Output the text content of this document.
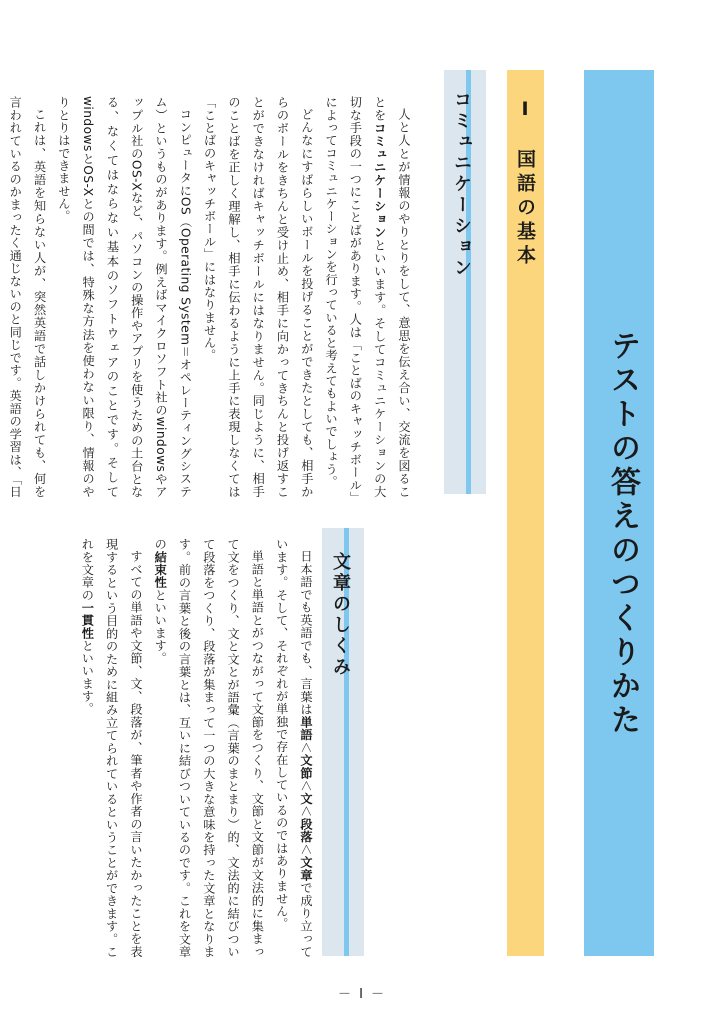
テストの答えのつくりかた
Ⅰ　国語の基本
コミュニケーション
文章のしくみ
人と人とが情報のやりとりをして、意思を伝え合い、交流を図ることをコミュニケーションといいます。そしてコミュニケーションの大切な手段の一つにことばがあります。人は「ことばのキャッチボール」によってコミュニケーションを行っていると考えてもよいでしょう。
どんなにすばらしいボールを投げることができたとしても、相手からのボールをきちんと受け止め、相手に向かってきちんと投げ返すことができなければキャッチボールにはなりません。同じように、相手のことばを正しく理解し、相手に伝わるように上手に表現しなくては「ことばのキャッチボール」にはなりません。
コンピュータにOS（Operating System＝オペレーティングシステム）というものがあります。例えばマイクロソフト社のwindowsやアップル社のOS-Xなど、パソコンの操作やアプリを使うための土台となる、なくてはならない基本のソフトウェアのことです。そしてwindowsとOS-Xとの間では、特殊な方法を使わない限り、情報のやりとりはできません。
これは、英語を知らない人が、突然英語で話しかけられても、何を言われているのかまったく通じないのと同じです。英語の学習は、「日
日本語でも英語でも、言葉は単語＜文節＜文＜段落＜文章で成り立っています。そして、それぞれが単独で存在しているのではありません。
単語と単語とがつながって文節をつくり、文節と文節が文法的に集まって文をつくり、文と文とが語彙（言葉のまとまり）的、文法的に結びついて段落をつくり、段落が集まって一つの大きな意味を持った文章となります。前の言葉と後の言葉とは、互いに結びついているのです。これを文章の結束性といいます。
すべての単語や文節、文、段落が、筆者や作者の言いたかったことを表現するという目的のために組み立てられているということができます。これを文章の一貫性といいます。
－ Ⅰ －
